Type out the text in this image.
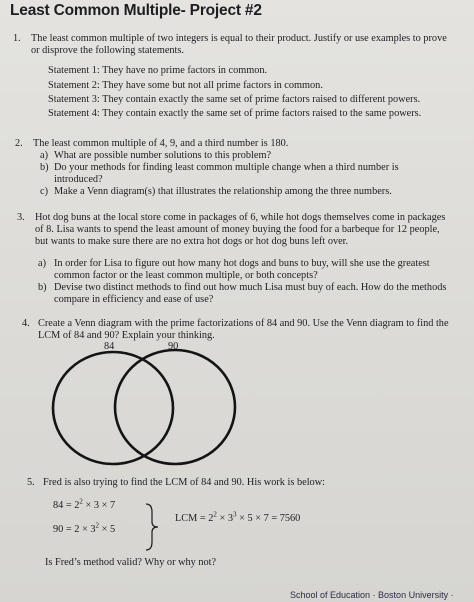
Least Common Multiple- Project #2
1. The least common multiple of two integers is equal to their product. Justify or use examples to prove
or disprove the following statements.
Statement 1: They have no prime factors in common.
Statement 2: They have some but not all prime factors in common.
Statement 3: They contain exactly the same set of prime factors raised to different powers.
Statement 4: They contain exactly the same set of prime factors raised to the same powers.
2. The least common multiple of 4, 9, and a third number is 180.
a) What are possible number solutions to this problem?
b) Do your methods for finding least common multiple change when a third number is
introduced?
c) Make a Venn diagram(s) that illustrates the relationship among the three numbers.
3. Hot dog buns at the local store come in packages of 6, while hot dogs themselves come in packages
of 8. Lisa wants to spend the least amount of money buying the food for a barbeque for 12 people,
but wants to make sure there are no extra hot dogs or hot dog buns left over.
a) In order for Lisa to figure out how many hot dogs and buns to buy, will she use the greatest
common factor or the least common multiple, or both concepts?
b) Devise two distinct methods to find out how much Lisa must buy of each. How do the methods
compare in efficiency and ease of use?
4. Create a Venn diagram with the prime factorizations of 84 and 90. Use the Venn diagram to find the
LCM of 84 and 90? Explain your thinking.
84	90
5. Fred is also trying to find the LCM of 84 and 90. His work is below:
$84 = 2^2 \times 3 \times 7$
$90 = 2 \times 3^2 \times 5$
LCM = $2^2 \times 3^3 \times 5 \times 7 = 7560$
Is Fred’s method valid? Why or why not?
School of Education · Boston University ·
